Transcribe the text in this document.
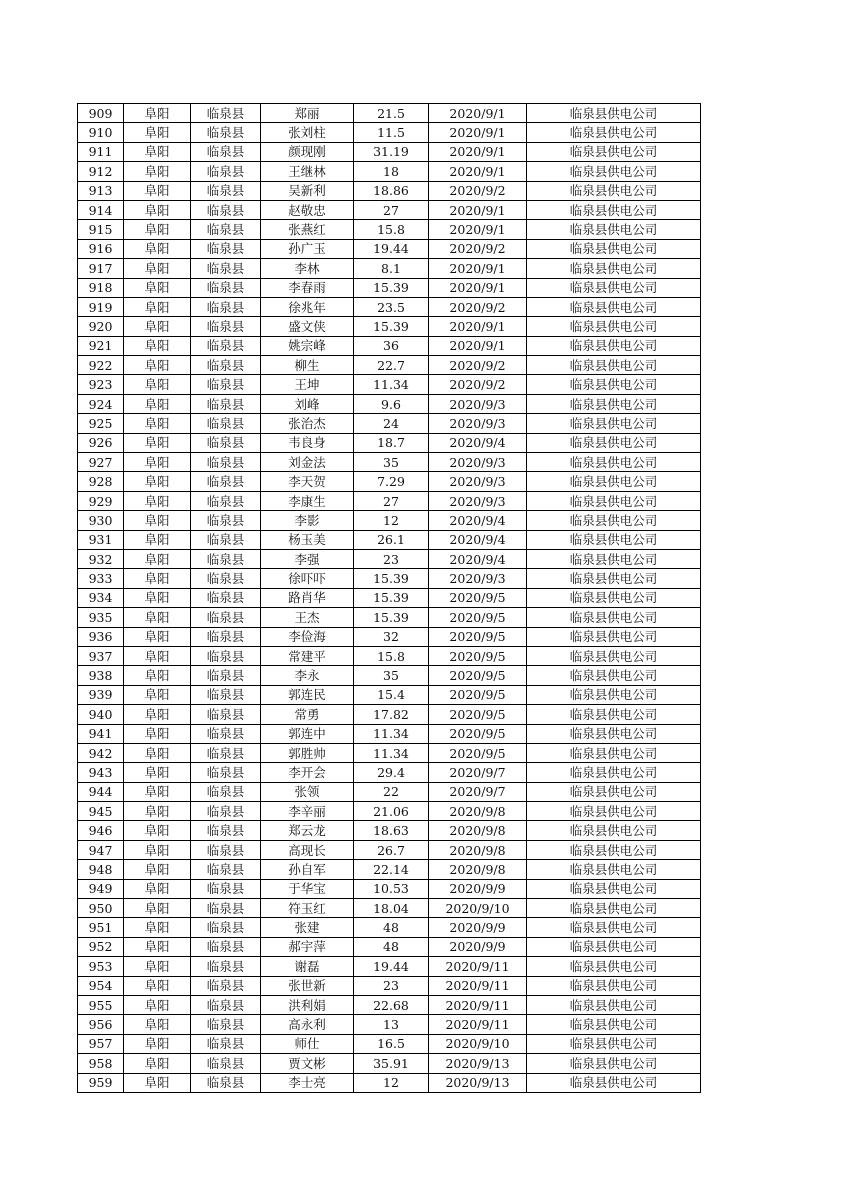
909	阜阳	临泉县	郑丽	21.5	2020/9/1	临泉县供电公司
910	阜阳	临泉县	张刘柱	11.5	2020/9/1	临泉县供电公司
911	阜阳	临泉县	颜现刚	31.19	2020/9/1	临泉县供电公司
912	阜阳	临泉县	王继林	18	2020/9/1	临泉县供电公司
913	阜阳	临泉县	吴新利	18.86	2020/9/2	临泉县供电公司
914	阜阳	临泉县	赵敬忠	27	2020/9/1	临泉县供电公司
915	阜阳	临泉县	张燕红	15.8	2020/9/1	临泉县供电公司
916	阜阳	临泉县	孙广玉	19.44	2020/9/2	临泉县供电公司
917	阜阳	临泉县	李林	8.1	2020/9/1	临泉县供电公司
918	阜阳	临泉县	李春雨	15.39	2020/9/1	临泉县供电公司
919	阜阳	临泉县	徐兆年	23.5	2020/9/2	临泉县供电公司
920	阜阳	临泉县	盛文侠	15.39	2020/9/1	临泉县供电公司
921	阜阳	临泉县	姚宗峰	36	2020/9/1	临泉县供电公司
922	阜阳	临泉县	柳生	22.7	2020/9/2	临泉县供电公司
923	阜阳	临泉县	王坤	11.34	2020/9/2	临泉县供电公司
924	阜阳	临泉县	刘峰	9.6	2020/9/3	临泉县供电公司
925	阜阳	临泉县	张治杰	24	2020/9/3	临泉县供电公司
926	阜阳	临泉县	韦良身	18.7	2020/9/4	临泉县供电公司
927	阜阳	临泉县	刘金法	35	2020/9/3	临泉县供电公司
928	阜阳	临泉县	李天贺	7.29	2020/9/3	临泉县供电公司
929	阜阳	临泉县	李康生	27	2020/9/3	临泉县供电公司
930	阜阳	临泉县	李影	12	2020/9/4	临泉县供电公司
931	阜阳	临泉县	杨玉美	26.1	2020/9/4	临泉县供电公司
932	阜阳	临泉县	李强	23	2020/9/4	临泉县供电公司
933	阜阳	临泉县	徐吓吓	15.39	2020/9/3	临泉县供电公司
934	阜阳	临泉县	路肖华	15.39	2020/9/5	临泉县供电公司
935	阜阳	临泉县	王杰	15.39	2020/9/5	临泉县供电公司
936	阜阳	临泉县	李俭海	32	2020/9/5	临泉县供电公司
937	阜阳	临泉县	常建平	15.8	2020/9/5	临泉县供电公司
938	阜阳	临泉县	李永	35	2020/9/5	临泉县供电公司
939	阜阳	临泉县	郭连民	15.4	2020/9/5	临泉县供电公司
940	阜阳	临泉县	常勇	17.82	2020/9/5	临泉县供电公司
941	阜阳	临泉县	郭连中	11.34	2020/9/5	临泉县供电公司
942	阜阳	临泉县	郭胜帅	11.34	2020/9/5	临泉县供电公司
943	阜阳	临泉县	李开会	29.4	2020/9/7	临泉县供电公司
944	阜阳	临泉县	张领	22	2020/9/7	临泉县供电公司
945	阜阳	临泉县	李辛丽	21.06	2020/9/8	临泉县供电公司
946	阜阳	临泉县	郑云龙	18.63	2020/9/8	临泉县供电公司
947	阜阳	临泉县	高现长	26.7	2020/9/8	临泉县供电公司
948	阜阳	临泉县	孙自军	22.14	2020/9/8	临泉县供电公司
949	阜阳	临泉县	于华宝	10.53	2020/9/9	临泉县供电公司
950	阜阳	临泉县	符玉红	18.04	2020/9/10	临泉县供电公司
951	阜阳	临泉县	张建	48	2020/9/9	临泉县供电公司
952	阜阳	临泉县	郝宇萍	48	2020/9/9	临泉县供电公司
953	阜阳	临泉县	谢磊	19.44	2020/9/11	临泉县供电公司
954	阜阳	临泉县	张世新	23	2020/9/11	临泉县供电公司
955	阜阳	临泉县	洪利娟	22.68	2020/9/11	临泉县供电公司
956	阜阳	临泉县	高永利	13	2020/9/11	临泉县供电公司
957	阜阳	临泉县	师仕	16.5	2020/9/10	临泉县供电公司
958	阜阳	临泉县	贾文彬	35.91	2020/9/13	临泉县供电公司
959	阜阳	临泉县	李士亮	12	2020/9/13	临泉县供电公司
